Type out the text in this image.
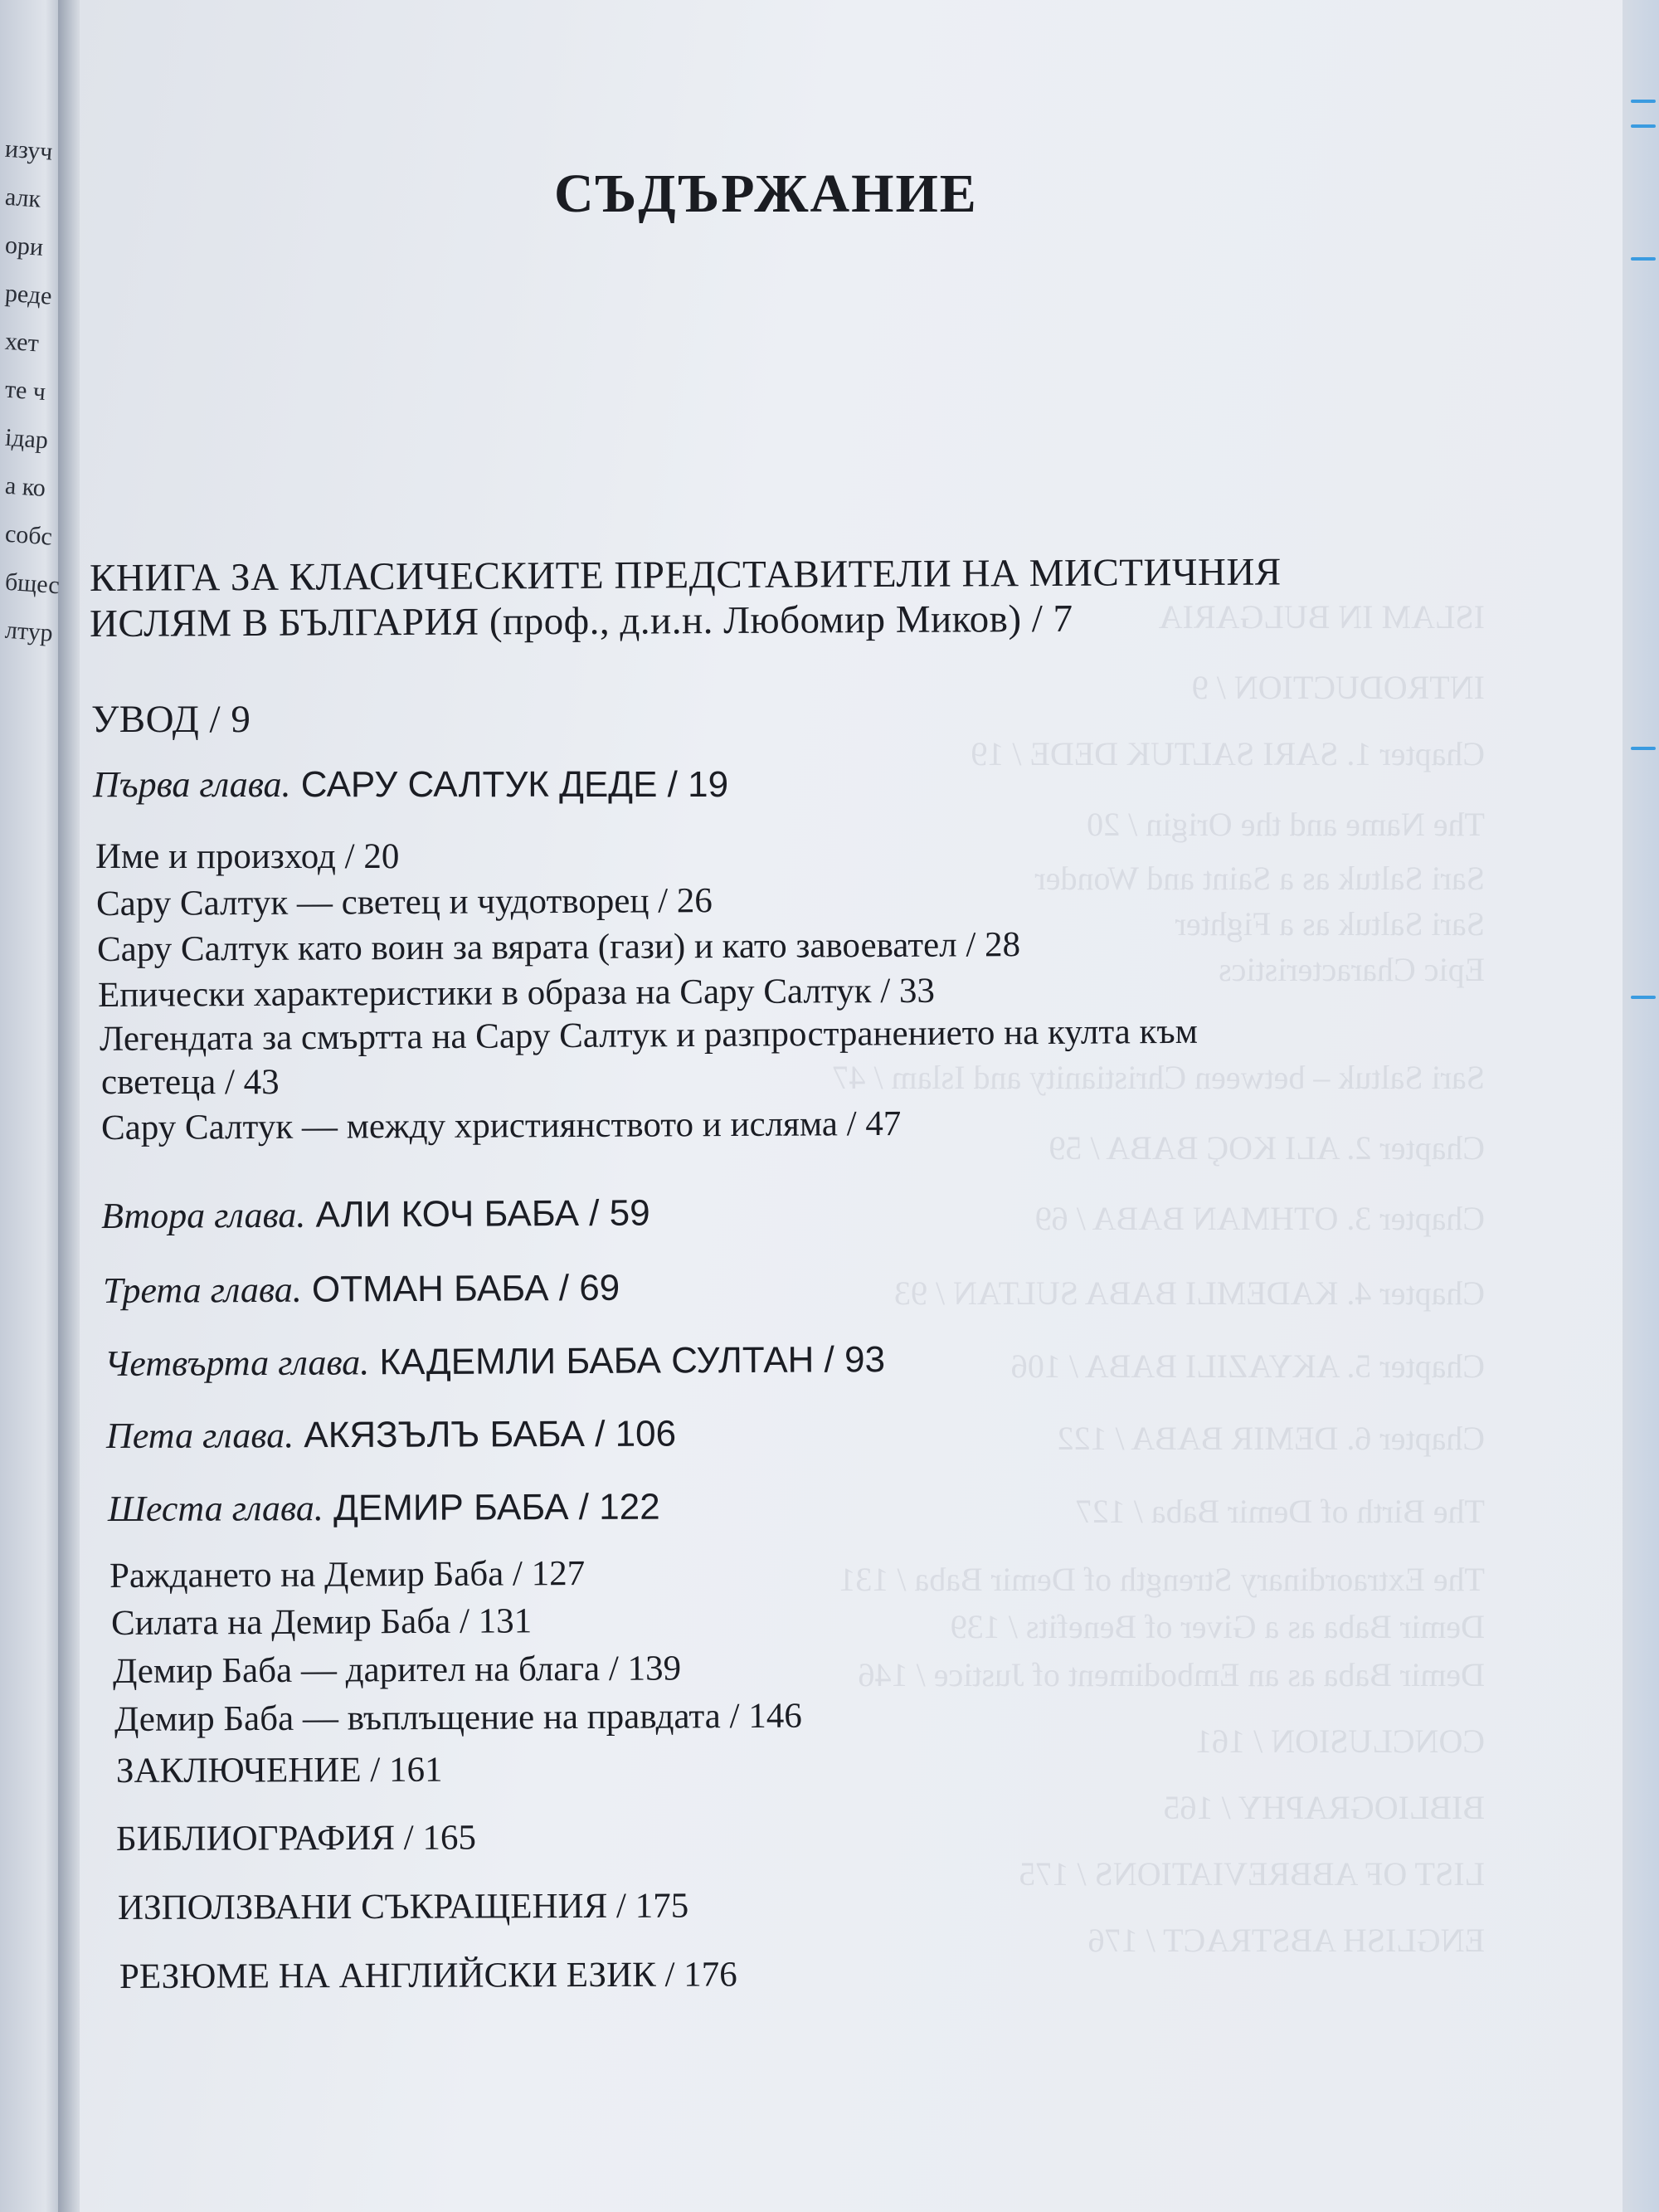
ISLAM IN BULGARIA
INTRODUCTION / 9
Chapter 1. SARI SALTUK DEDE / 19
The Name and the Origin / 20
Sari Saltuk as a Saint and Wonder
Sari Saltuk as a Fighter
Epic Characteristics
Sari Saltuk – between Christianity and Islam / 47
Chapter 2. ALI KOÇ BABA / 59
Chapter 3. OTHMAN BABA / 69
Chapter 4. KADEMLI BABA SULTAN / 93
Chapter 5. AKYAZILI BABA / 106
Chapter 6. DEMIR BABA / 122
The Birth of Demir Baba / 127
The Extraordinary Strength of Demir Baba / 131
Demir Baba as a Giver of Benefits / 139
Demir Baba as an Embodiment of Justice / 146
CONCLUSION / 161
BIBLIOGRAPHY / 165
LIST OF ABBREVIATIONS / 175
ENGLISH ABSTRACT / 176
СЪДЪРЖАНИЕ
КНИГА ЗА КЛАСИЧЕСКИТЕ ПРЕДСТАВИТЕЛИ НА МИСТИЧНИЯ
ИСЛЯМ В БЪЛГАРИЯ (проф., д.и.н. Любомир Миков) / 7
УВОД / 9
Първа глава. САРУ САЛТУК ДЕДЕ / 19
Име и произход / 20
Сару Салтук — светец и чудотворец / 26
Сару Салтук като воин за вярата (гази) и като завоевател / 28
Епически характеристики в образа на Сару Салтук / 33
Легендата за смъртта на Сару Салтук и разпространението на култа към
светеца / 43
Сару Салтук — между християнството и исляма / 47
Втора глава. АЛИ КОЧ БАБА / 59
Трета глава. ОТМАН БАБА / 69
Четвърта глава. КАДЕМЛИ БАБА СУЛТАН / 93
Пета глава. АКЯЗЪЛЪ БАБА / 106
Шеста глава. ДЕМИР БАБА / 122
Раждането на Демир Баба / 127
Силата на Демир Баба / 131
Демир Баба — дарител на блага / 139
Демир Баба — въплъщение на правдата / 146
ЗАКЛЮЧЕНИЕ / 161
БИБЛИОГРАФИЯ / 165
ИЗПОЛЗВАНИ СЪКРАЩЕНИЯ / 175
РЕЗЮМЕ НА АНГЛИЙСКИ ЕЗИК / 176
изуч
алк
ори
реде
хет
те ч
ідар
а ко
собс
бщес
лтур
